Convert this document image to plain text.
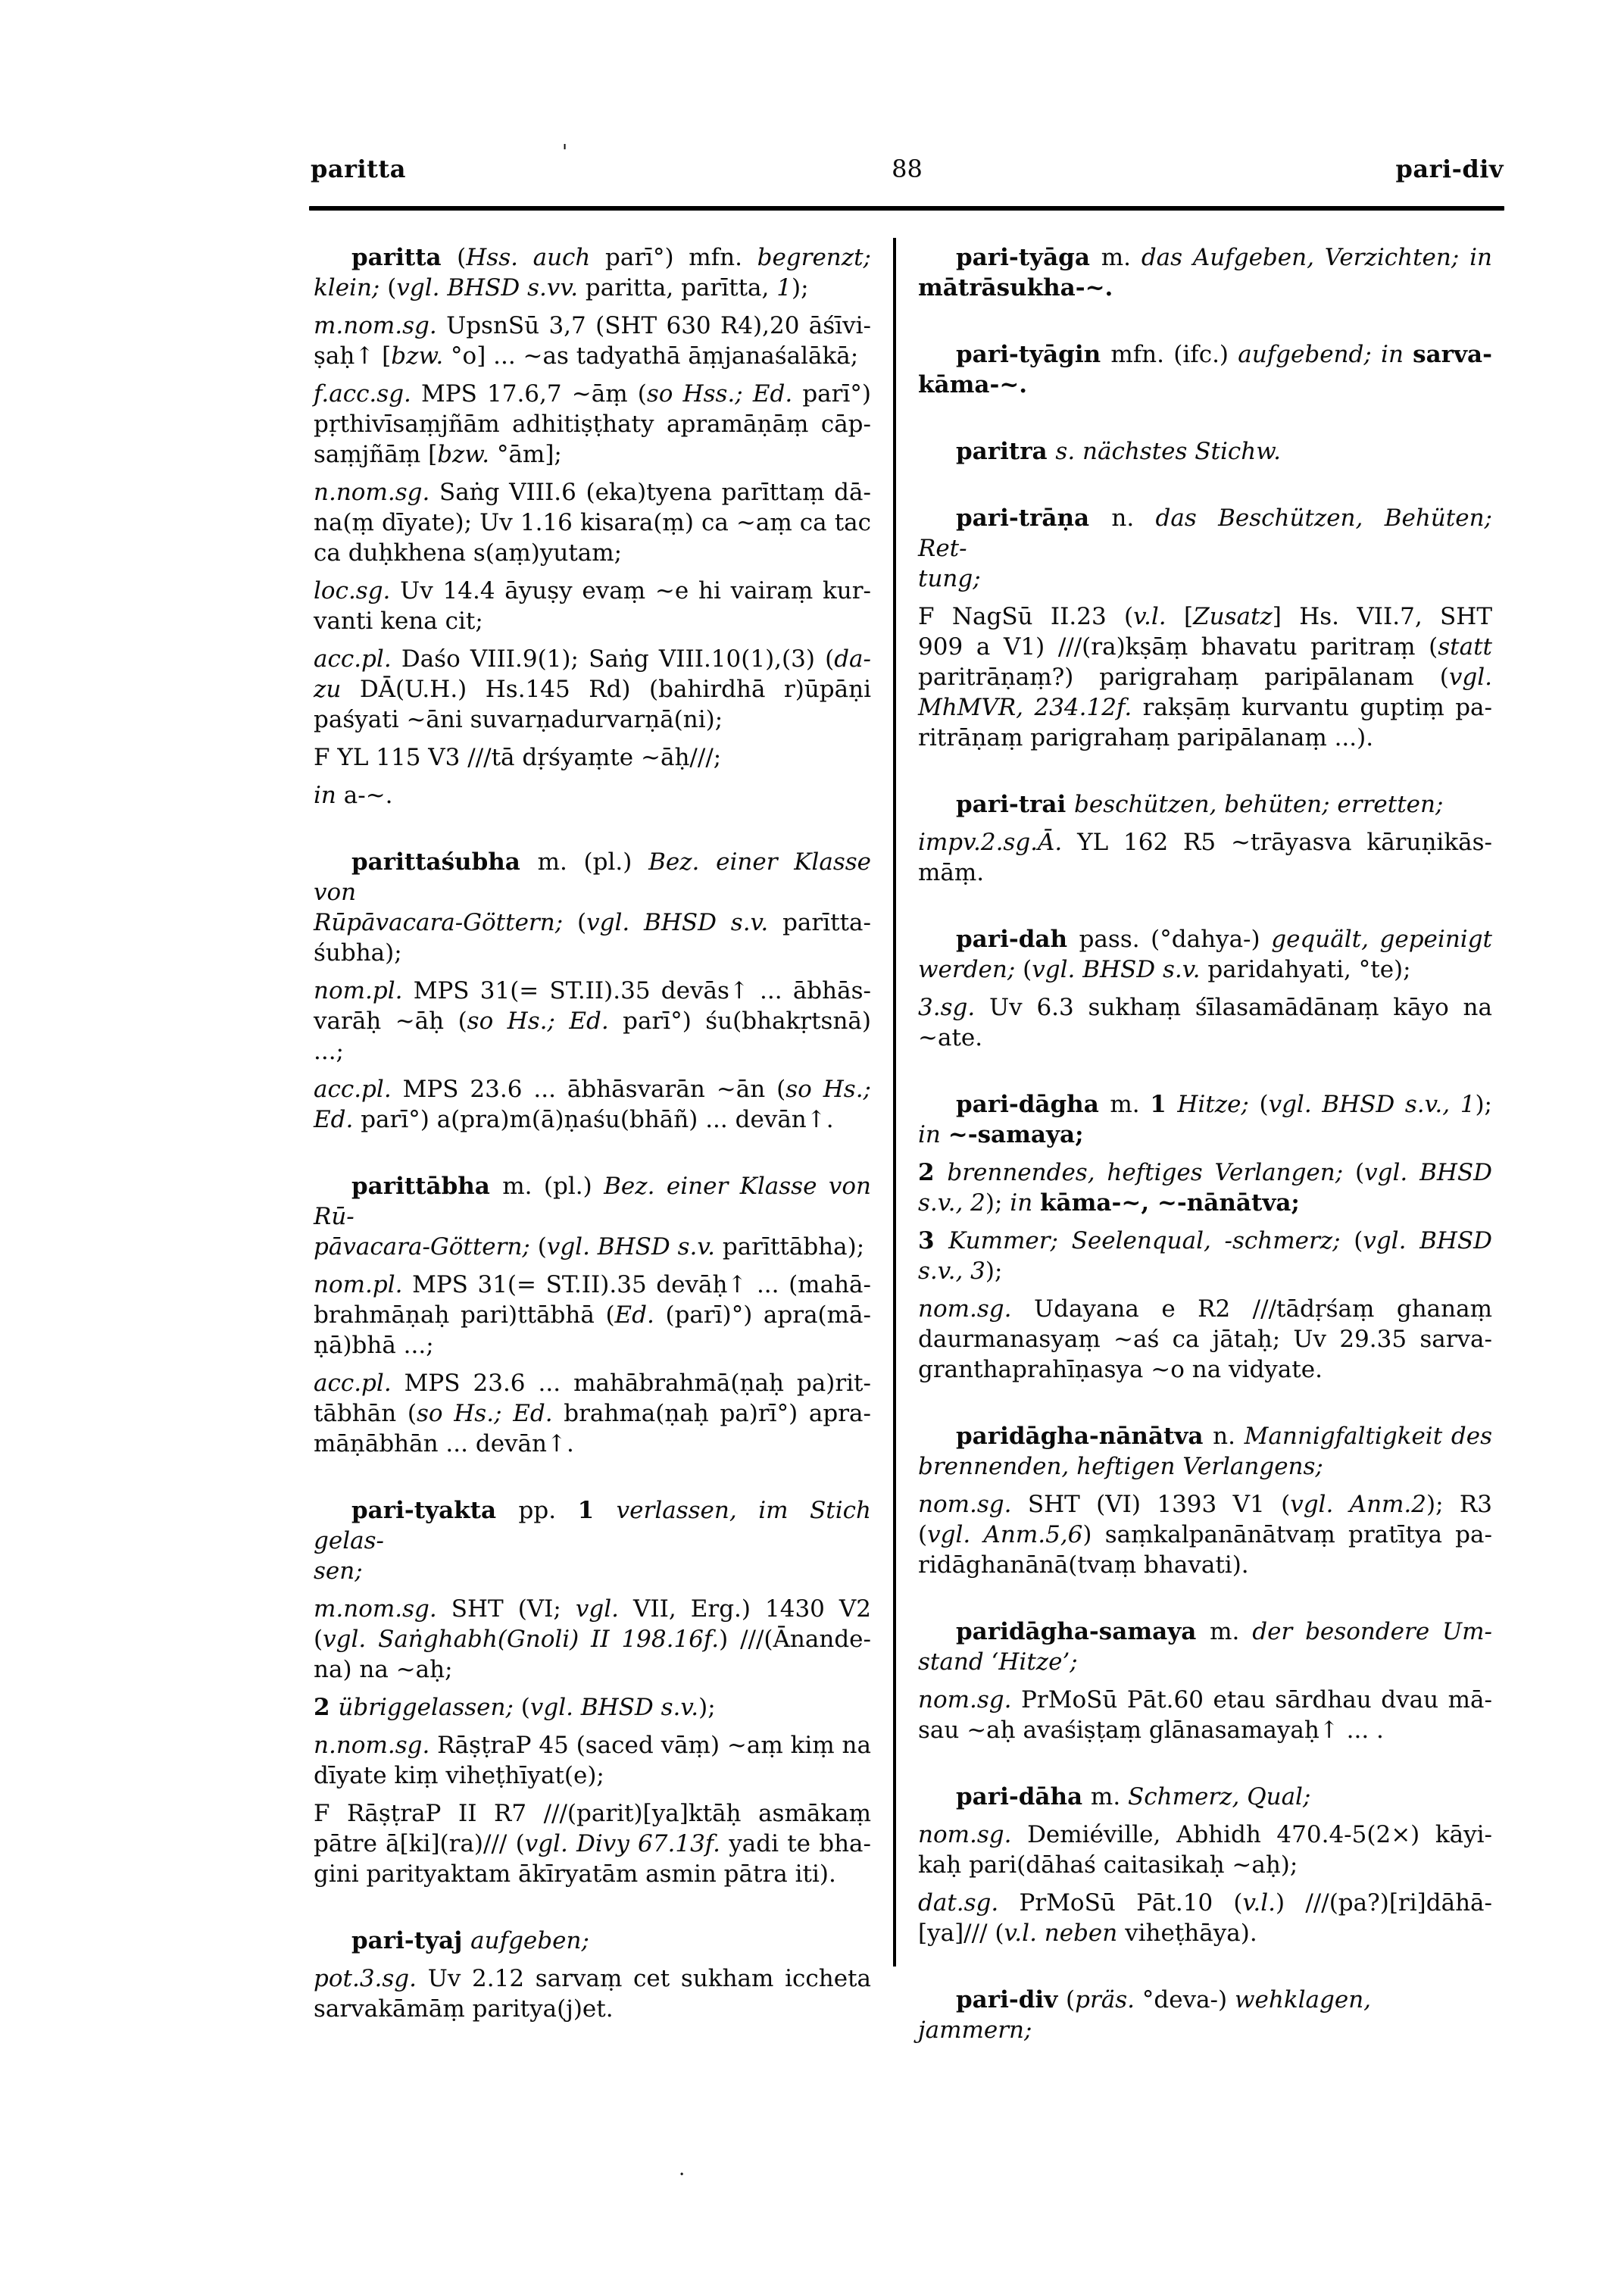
paritta	88	pari-div
paritta (Hss. auch parī°) mfn. begrenzt;
klein; (vgl. BHSD s.vv. paritta, parītta, 1);
m.nom.sg. UpsnSū 3,7 (SHT 630 R4),20 āśīvi-
ṣaḥ↑ [bzw. °o] ... ~as tadyathā āṃjanaśalākā;
f.acc.sg. MPS 17.6,7 ~āṃ (so Hss.; Ed. parī°)
pṛthivīsaṃjñām adhitiṣṭhaty apramāṇāṃ cāp-
saṃjñāṃ [bzw. °ām];
n.nom.sg. Saṅg VIII.6 (eka)tyena parīttaṃ dā-
na(ṃ dīyate); Uv 1.16 kisara(ṃ) ca ~aṃ ca tac
ca duḥkhena s(aṃ)yutam;
loc.sg. Uv 14.4 āyuṣy evaṃ ~e hi vairaṃ kur-
vanti kena cit;
acc.pl. Daśo VIII.9(1); Saṅg VIII.10(1),(3) (da-
zu DĀ(U.H.) Hs.145 Rd) (bahirdhā r)ūpāṇi
paśyati ~āni suvarṇadurvarṇā(ni);
F YL 115 V3 ///tā dṛśyaṃte ~āḥ///;
in a-~.
parittaśubha m. (pl.) Bez. einer Klasse von
Rūpāvacara-Göttern; (vgl. BHSD s.v. parītta-
śubha);
nom.pl. MPS 31(= ST.II).35 devās↑ ... ābhās-
varāḥ ~āḥ (so Hs.; Ed. parī°) śu(bhakṛtsnā)
...;
acc.pl. MPS 23.6 ... ābhāsvarān ~ān (so Hs.;
Ed. parī°) a(pra)m(ā)ṇaśu(bhāñ) ... devān↑.
parittābha m. (pl.) Bez. einer Klasse von Rū-
pāvacara-Göttern; (vgl. BHSD s.v. parīttābha);
nom.pl. MPS 31(= ST.II).35 devāḥ↑ ... (mahā-
brahmāṇaḥ pari)ttābhā (Ed. (parī)°) apra(mā-
ṇā)bhā ...;
acc.pl. MPS 23.6 ... mahābrahmā(ṇaḥ pa)rit-
tābhān (so Hs.; Ed. brahma(ṇaḥ pa)rī°) apra-
māṇābhān ... devān↑.
pari-tyakta pp. 1 verlassen, im Stich gelas-
sen;
m.nom.sg. SHT (VI; vgl. VII, Erg.) 1430 V2
(vgl. Saṅghabh(Gnoli) II 198.16f.) ///(Ānande-
na) na ~aḥ;
2 übriggelassen; (vgl. BHSD s.v.);
n.nom.sg. RāṣṭraP 45 (saced vāṃ) ~aṃ kiṃ na
dīyate kiṃ viheṭhīyat(e);
F RāṣṭraP II R7 ///(parit)[ya]ktāḥ asmākaṃ
pātre ā[ki](ra)/// (vgl. Divy 67.13f. yadi te bha-
gini parityaktam ākīryatām asmin pātra iti).
pari-tyaj aufgeben;
pot.3.sg. Uv 2.12 sarvaṃ cet sukham iccheta
sarvakāmāṃ paritya(j)et.
pari-tyāga m. das Aufgeben, Verzichten; in
mātrāsukha-~.
pari-tyāgin mfn. (ifc.) aufgebend; in sarva-
kāma-~.
paritra s. nächstes Stichw.
pari-trāṇa n. das Beschützen, Behüten; Ret-
tung;
F NagSū II.23 (v.l. [Zusatz] Hs. VII.7, SHT
909 a V1) ///(ra)kṣāṃ bhavatu paritraṃ (statt
paritrāṇaṃ?) parigrahaṃ paripālanam (vgl.
MhMVR, 234.12f. rakṣāṃ kurvantu guptiṃ pa-
ritrāṇaṃ parigrahaṃ paripālanaṃ ...).
pari-trai beschützen, behüten; erretten;
impv.2.sg.Ā. YL 162 R5 ~trāyasva kāruṇikās-
māṃ.
pari-dah pass. (°dahya-) gequält, gepeinigt
werden; (vgl. BHSD s.v. paridahyati, °te);
3.sg. Uv 6.3 sukhaṃ śīlasamādānaṃ kāyo na
~ate.
pari-dāgha m. 1 Hitze; (vgl. BHSD s.v., 1);
in ~-samaya;
2 brennendes, heftiges Verlangen; (vgl. BHSD
s.v., 2); in kāma-~, ~-nānātva;
3 Kummer; Seelenqual, -schmerz; (vgl. BHSD
s.v., 3);
nom.sg. Udayana e R2 ///tādṛśaṃ ghanaṃ
daurmanasyaṃ ~aś ca jātaḥ; Uv 29.35 sarva-
granthaprahīṇasya ~o na vidyate.
paridāgha-nānātva n. Mannigfaltigkeit des
brennenden, heftigen Verlangens;
nom.sg. SHT (VI) 1393 V1 (vgl. Anm.2); R3
(vgl. Anm.5,6) saṃkalpanānātvaṃ pratītya pa-
ridāghanānā(tvaṃ bhavati).
paridāgha-samaya m. der besondere Um-
stand ‘Hitze’;
nom.sg. PrMoSū Pāt.60 etau sārdhau dvau mā-
sau ~aḥ avaśiṣṭaṃ glānasamayaḥ↑ ... .
pari-dāha m. Schmerz, Qual;
nom.sg. Demiéville, Abhidh 470.4-5(2×) kāyi-
kaḥ pari(dāhaś caitasikaḥ ~aḥ);
dat.sg. PrMoSū Pāt.10 (v.l.) ///(pa?)[ri]dāhā-
[ya]/// (v.l. neben viheṭhāya).
pari-div (präs. °deva-) wehklagen, jammern;
'
.
